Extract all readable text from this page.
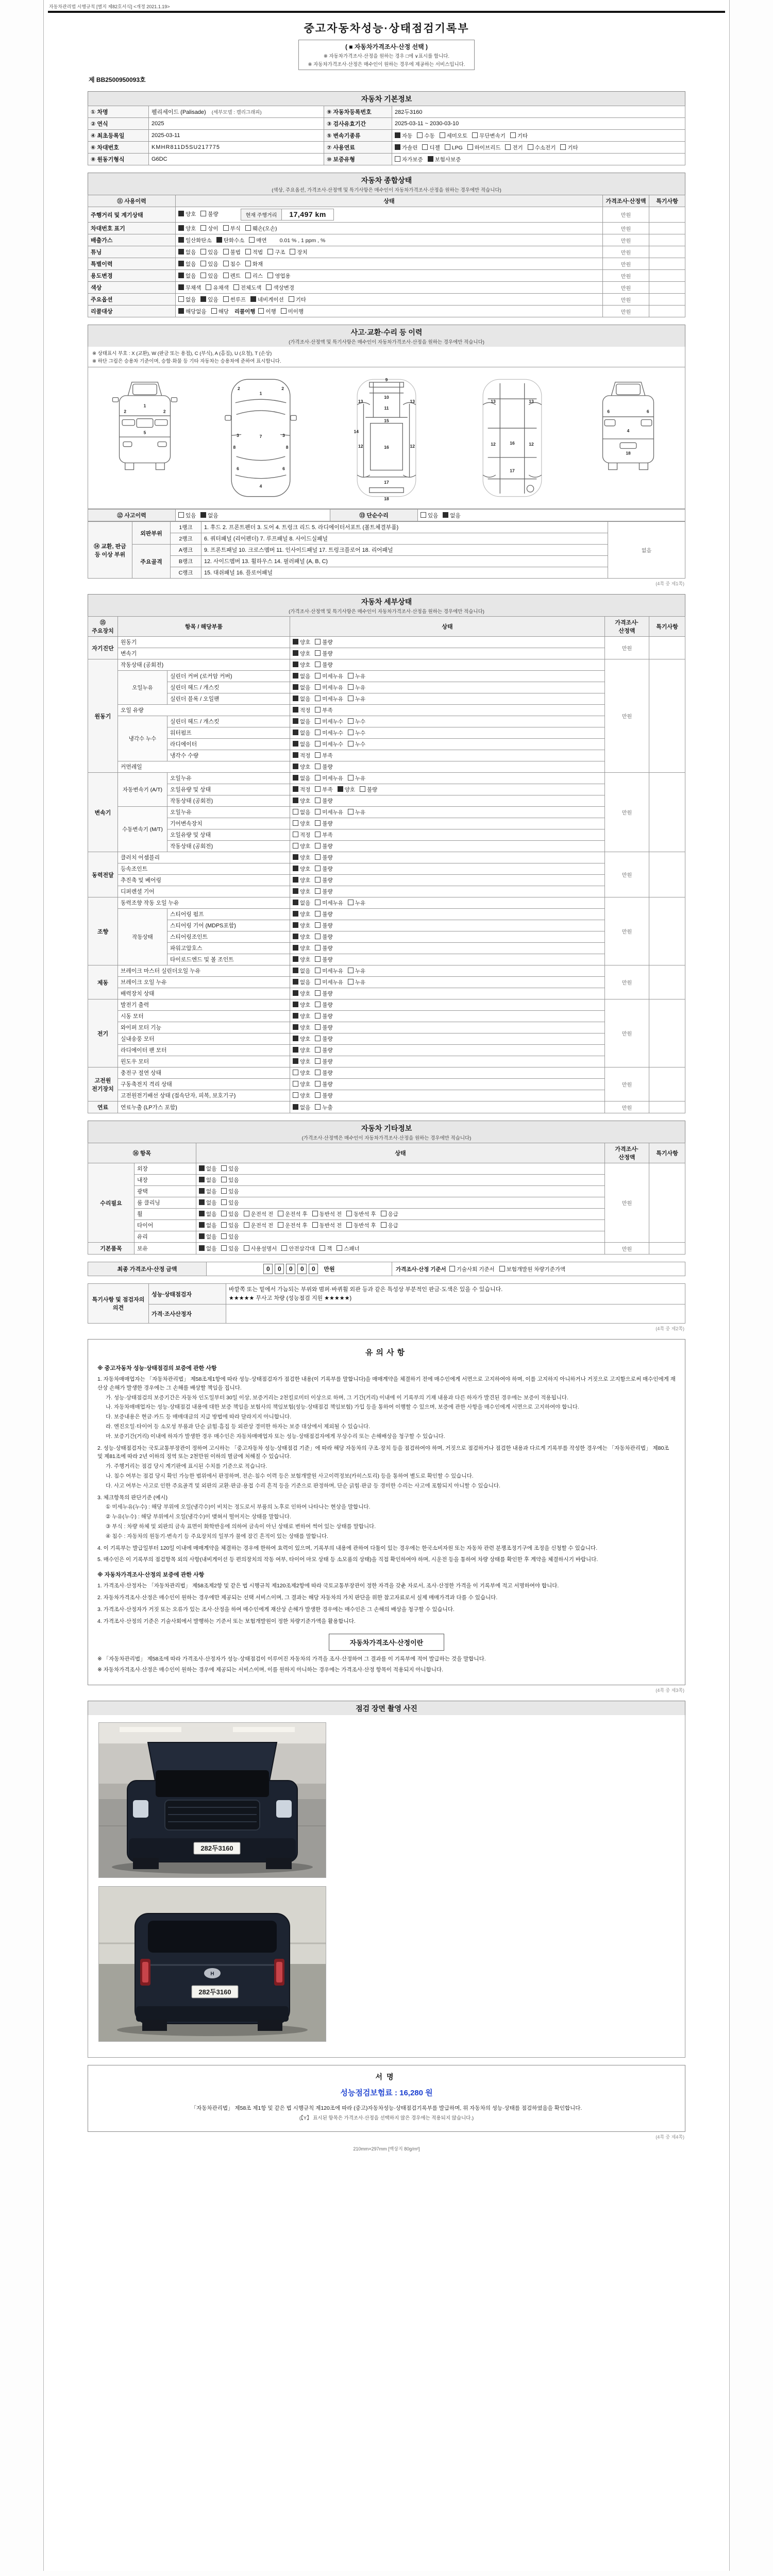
자동차관리법 시행규칙 [별지 제82호서식] <개정 2021.1.19>
중고자동차성능·상태점검기록부
( ■ 자동차가격조사·산정 선택 )
※ 자동차가격조사·산정을 원하는 경우 □에 ∨표시를 합니다.
※ 자동차가격조사·산정은 매수인이 원하는 경우에 제공하는 서비스입니다.
제 BB2500950093호
자동차 기본정보
① 차명	펠리세이드 (Palisade) (세부모델 : 캘리그래피)	⑨ 자동차등록번호	282두3160
② 연식	2025	③ 검사유효기간	2025-03-11 ~ 2030-03-10
④ 최초등록일	2025-03-11	⑤ 변속기종류	자동 수동 세미오토 무단변속기 기타
⑥ 차대번호	KMHR811D5SU217775	⑦ 사용연료	가솔린 디젤 LPG 하이브리드 전기 수소전기 기타
⑧ 원동기형식	G6DC	⑩ 보증유형	자가보증 보험사보증
자동차 종합상태
(색상, 주요옵션, 가격조사·산정액 및 특기사항은 매수인이 자동차가격조사·산정을 원하는 경우에만 적습니다)
⑪ 사용이력	상태	가격조사·산정액	특기사항
주행거리 및 계기상태	양호 불량 현재 주행거리 17,497 km	만원	
차대번호 표기	양호 상이 부식 훼손(오손)	만원	
배출가스	일산화탄소 탄화수소 매연 0.01 % , 1 ppm , %	만원	
튜닝	없음 있음 불법 적법 구조 장치	만원	
특별이력	없음 있음 침수 화재	만원	
용도변경	없음 있음 렌트 리스 영업용	만원	
색상	무채색 유채색 전체도색 색상변경	만원	
주요옵션	없음 있음 썬루프 네비게이션 기타	만원	
리콜대상	해당없음 해당 리콜이행 이행 미이행	만원	
사고·교환·수리 등 이력
(가격조사·산정액 및 특기사항은 매수인이 자동차가격조사·산정을 원하는 경우에만 적습니다)
※ 상태표시 부호 : X (교환), W (판금 또는 용접), C (부식), A (흠집), U (요철), T (손상)
※ 하단 그림은 승용차 기준이며, 승합·화물 등 기타 자동차는 승용차에 준하여 표시합니다.
1
2	2
5
1
2	2
3	3
7
6	6
4
8	8
9
10
11
15
12	12
13	13
14
16
17
18
12	12
13	13
16
17
4
6	6
18
⑫ 사고이력	있음 없음	⑬ 단순수리	있음 없음
⑭ 교환, 판금 등 이상 부위	외판부위	1랭크	1. 후드 2. 프론트펜더 3. 도어 4. 트렁크 리드 5. 라디에이터서포트 (볼트체결부품)	없음
		2랭크	6. 쿼터패널 (리어펜더) 7. 루프패널 8. 사이드실패널	
	주요골격	A랭크	9. 프론트패널 10. 크로스멤버 11. 인사이드패널 17. 트렁크플로어 18. 리어패널	
		B랭크	12. 사이드멤버 13. 휠하우스 14. 필러패널 (A, B, C)	
		C랭크	15. 대쉬패널 16. 플로어패널	
(4쪽 중 제1쪽)
자동차 세부상태
(가격조사·산정액 및 특기사항은 매수인이 자동차가격조사·산정을 원하는 경우에만 적습니다)
⑮ 주요장치	항목 / 해당부품		상태	가격조사·산정액	특기사항
자기진단	원동기		양호 불량	만원	
	변속기		양호 불량		
원동기	작동상태 (공회전)		양호 불량	만원	
	오일누유	실린더 커버 (로커암 커버)	없음 미세누유 누유		
		실린더 헤드 / 개스킷	없음 미세누유 누유		
		실린더 블록 / 오일팬	없음 미세누유 누유		
	오일 유량		적정 부족		
	냉각수 누수	실린더 헤드 / 개스킷	없음 미세누수 누수		
		워터펌프	없음 미세누수 누수		
		라디에이터	없음 미세누수 누수		
		냉각수 수량	적정 부족		
	커먼레일		양호 불량		
변속기	자동변속기 (A/T)	오일누유	없음 미세누유 누유	만원	
		오일유량 및 상태	적정 부족 양호 불량		
		작동상태 (공회전)	양호 불량		
	수동변속기 (M/T)	오일누유	없음 미세누유 누유		
		기어변속장치	양호 불량		
		오일유량 및 상태	적정 부족		
		작동상태 (공회전)	양호 불량		
동력전달	클러치 어셈블리		양호 불량	만원	
	등속조인트		양호 불량		
	추진축 및 베어링		양호 불량		
	디퍼렌셜 기어		양호 불량		
조향	동력조향 작동 오일 누유		없음 미세누유 누유	만원	
	작동상태	스티어링 펌프	양호 불량		
		스티어링 기어 (MDPS포함)	양호 불량		
		스티어링조인트	양호 불량		
		파워고압호스	양호 불량		
		타이로드엔드 및 볼 조인트	양호 불량		
제동	브레이크 마스터 실린더오일 누유		없음 미세누유 누유	만원	
	브레이크 오일 누유		없음 미세누유 누유		
	배력장치 상태		양호 불량		
전기	발전기 출력		양호 불량	만원	
	시동 모터		양호 불량		
	와이퍼 모터 기능		양호 불량		
	실내송풍 모터		양호 불량		
	라디에이터 팬 모터		양호 불량		
	윈도우 모터		양호 불량		
고전원 전기장치	충전구 절연 상태		양호 불량	만원	
	구동축전지 격리 상태		양호 불량		
	고전원전기배선 상태 (접속단자, 피복, 보호기구)		양호 불량		
연료	연료누출 (LP가스 포함)		없음 누출	만원	
자동차 기타정보
(가격조사·산정액은 매수인이 자동차가격조사·산정을 원하는 경우에만 적습니다)
⑯ 항목		상태	가격조사·산정액	특기사항
수리필요	외장	없음 있음	만원	
	내장	없음 있음		
	광택	없음 있음		
	룸 클리닝	없음 있음		
	휠	없음 있음 운전석 전 운전석 후 동반석 전 동반석 후 응급		
	타이어	없음 있음 운전석 전 운전석 후 동반석 전 동반석 후 응급		
	유리	없음 있음		
기본품목	보유	없음 있음 사용설명서 안전삼각대 잭 스패너	만원	
최종 가격조사·산정 금액	0 0 0 0 0 만원	가격조사·산정 기준서 기술사회 기준서 보험개발원 차량기준가액
특기사항 및 점검자의 의견	성능·상태점검자	바깥쪽 또는 밑에서 가늠되는 부위와 범퍼·바퀴휠 외관 등과 같은 특성상 부분적인 판금·도색은 있을 수 있습니다.
★★★★★ 무사고 차량 (성능점검 지원 ★★★★★)

	가격·조사산정자	
(4쪽 중 제2쪽)
유의사항
※ 중고자동차 성능·상태점검의 보증에 관한 사항
1. 자동차매매업자는 「자동차관리법」 제58조제1항에 따라 성능·상태점검자가 점검한 내용(이 기록부를 말합니다)을 매매계약을 체결하기 전에 매수인에게 서면으로 고지하여야 하며, 이를 고지하지 아니하거나 거짓으로 고지함으로써 매수인에게 재산상 손해가 발생한 경우에는 그 손해를 배상할 책임을 집니다.
가. 성능·상태점검의 보증기간은 자동차 인도일부터 30일 이상, 보증거리는 2천킬로미터 이상으로 하며, 그 기간(거리) 이내에 이 기록부의 기재 내용과 다른 하자가 발견된 경우에는 보증이 적용됩니다.
나. 자동차매매업자는 성능·상태점검 내용에 대한 보증 책임을 보험사의 책임보험(성능·상태점검 책임보험) 가입 등을 통하여 이행할 수 있으며, 보증에 관한 사항을 매수인에게 서면으로 고지하여야 합니다.
다. 보증내용은 현금·카드 등 매매대금의 지급 방법에 따라 달라지지 아니합니다.
라. 엔진오일·타이어 등 소모성 부품과 단순 긁힘·흠집 등 외관상 경미한 하자는 보증 대상에서 제외될 수 있습니다.
마. 보증기간(거리) 이내에 하자가 발생한 경우 매수인은 자동차매매업자 또는 성능·상태점검자에게 무상수리 또는 손해배상을 청구할 수 있습니다.
2. 성능·상태점검자는 국토교통부장관이 정하여 고시하는 「중고자동차 성능·상태점검 기준」에 따라 해당 자동차의 구조·장치 등을 점검하여야 하며, 거짓으로 점검하거나 점검한 내용과 다르게 기록부를 작성한 경우에는 「자동차관리법」 제80조 및 제81조에 따라 2년 이하의 징역 또는 2천만원 이하의 벌금에 처해질 수 있습니다.
가. 주행거리는 점검 당시 계기판에 표시된 수치를 기준으로 적습니다.
나. 침수 여부는 점검 당시 확인 가능한 범위에서 판정하며, 전손·침수 이력 등은 보험개발원 사고이력정보(카히스토리) 등을 통하여 별도로 확인할 수 있습니다.
다. 사고 여부는 사고로 인한 주요골격 및 외판의 교환·판금·용접 수리 흔적 등을 기준으로 판정하며, 단순 긁힘·판금 등 경미한 수리는 사고에 포함되지 아니할 수 있습니다.
3. 체크항목의 판단기준 (예시)
① 미세누유(누수) : 해당 부위에 오일(냉각수)이 비치는 정도로서 부품의 노후로 인하여 나타나는 현상을 말합니다.
② 누유(누수) : 해당 부위에서 오일(냉각수)이 맺혀서 떨어지는 상태를 말합니다.
③ 부식 : 차량 하체 및 외판의 금속 표면이 화학반응에 의하여 금속이 아닌 상태로 변하여 썩어 있는 상태를 말합니다.
④ 침수 : 자동차의 원동기·변속기 등 주요장치의 일부가 물에 잠긴 흔적이 있는 상태를 말합니다.
4. 이 기록부는 발급일부터 120일 이내에 매매계약을 체결하는 경우에 한하여 효력이 있으며, 기록부의 내용에 관하여 다툼이 있는 경우에는 한국소비자원 또는 자동차 관련 분쟁조정기구에 조정을 신청할 수 있습니다.
5. 매수인은 이 기록부의 점검항목 외의 사항(내비게이션 등 편의장치의 작동 여부, 타이어 마모 상태 등 소모품의 상태)을 직접 확인하여야 하며, 시운전 등을 통하여 차량 상태를 확인한 후 계약을 체결하시기 바랍니다.
※ 자동차가격조사·산정의 보증에 관한 사항
1. 가격조사·산정자는 「자동차관리법」 제58조제2항 및 같은 법 시행규칙 제120조제2항에 따라 국토교통부장관이 정한 자격을 갖춘 자로서, 조사·산정한 가격을 이 기록부에 적고 서명하여야 합니다.
2. 자동차가격조사·산정은 매수인이 원하는 경우에만 제공되는 선택 서비스이며, 그 결과는 해당 자동차의 가치 판단을 위한 참고자료로서 실제 매매가격과 다를 수 있습니다.
3. 가격조사·산정자가 거짓 또는 오류가 있는 조사·산정을 하여 매수인에게 재산상 손해가 발생한 경우에는 매수인은 그 손해의 배상을 청구할 수 있습니다.
4. 가격조사·산정의 기준은 기술사회에서 발행하는 기준서 또는 보험개발원이 정한 차량기준가액을 활용합니다.
자동차가격조사·산정이란
※ 「자동차관리법」 제58조에 따라 가격조사·산정자가 성능·상태점검이 이루어진 자동차의 가격을 조사·산정하여 그 결과를 이 기록부에 적어 발급하는 것을 말합니다.
※ 자동차가격조사·산정은 매수인이 원하는 경우에 제공되는 서비스이며, 이를 원하지 아니하는 경우에는 가격조사·산정 항목이 적용되지 아니합니다.
(4쪽 중 제3쪽)
점검 장면 촬영 사진
282두3160
H
282두3160
서명
성능점검보험료 : 16,280 원
「자동차관리법」 제58조 제1항 및 같은 법 시행규칙 제120조에 따라 (중고)자동차성능·상태점검기록부를 발급하며, 위 자동차의 성능·상태를 점검하였음을 확인합니다.
(【Y】 표시된 항목은 가격조사·산정을 선택하지 않은 경우에는 적용되지 않습니다.)
(4쪽 중 제4쪽)
210mm×297mm [백상지 80g/m²]
